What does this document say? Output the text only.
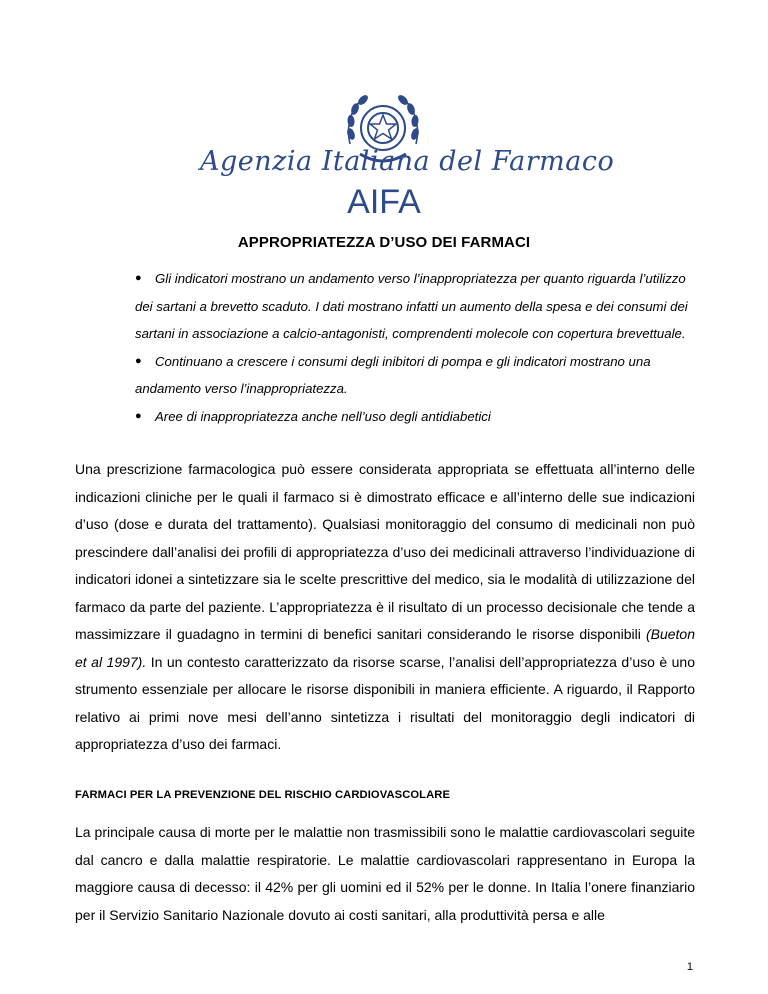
Agenzia Italiana del Farmaco
AIFA
APPROPRIATEZZA D’USO DEI FARMACI

●	Gli indicatori mostrano un andamento verso l’inappropriatezza per quanto riguarda l’utilizzo dei sartani a brevetto scaduto. I dati mostrano infatti un aumento della spesa e dei consumi dei sartani in associazione a calcio-antagonisti, comprendenti molecole con copertura brevettuale.

●	Continuano a crescere i consumi degli inibitori di pompa e gli indicatori mostrano una andamento verso l’inappropriatezza.

●	Aree di inappropriatezza anche nell’uso degli antidiabetici

Una prescrizione farmacologica può essere considerata appropriata se effettuata all’interno delle indicazioni cliniche per le quali il farmaco si è dimostrato efficace e all’interno delle sue indicazioni d’uso (dose e durata del trattamento). Qualsiasi monitoraggio del consumo di medicinali non può prescindere dall’analisi dei profili di appropriatezza d’uso dei medicinali attraverso l’individuazione di indicatori idonei a sintetizzare sia le scelte prescrittive del medico, sia le modalità di utilizzazione del farmaco da parte del paziente. L’appropriatezza è il risultato di un processo decisionale che tende a massimizzare il guadagno in termini di benefici sanitari considerando le risorse disponibili (Bueton et al 1997). In un contesto caratterizzato da risorse scarse, l’analisi dell’appropriatezza d’uso è uno strumento essenziale per allocare le risorse disponibili in maniera efficiente. A riguardo, il Rapporto relativo ai primi nove mesi dell’anno sintetizza i risultati del monitoraggio degli indicatori di appropriatezza d’uso dei farmaci.

FARMACI PER LA PREVENZIONE DEL RISCHIO CARDIOVASCOLARE

La principale causa di morte per le malattie non trasmissibili sono le malattie cardiovascolari seguite dal cancro e dalla malattie respiratorie. Le malattie cardiovascolari rappresentano in Europa la maggiore causa di decesso: il 42% per gli uomini ed il 52% per le donne. In Italia l’onere finanziario per il Servizio Sanitario Nazionale dovuto ai costi sanitari, alla produttività persa e alle

1
